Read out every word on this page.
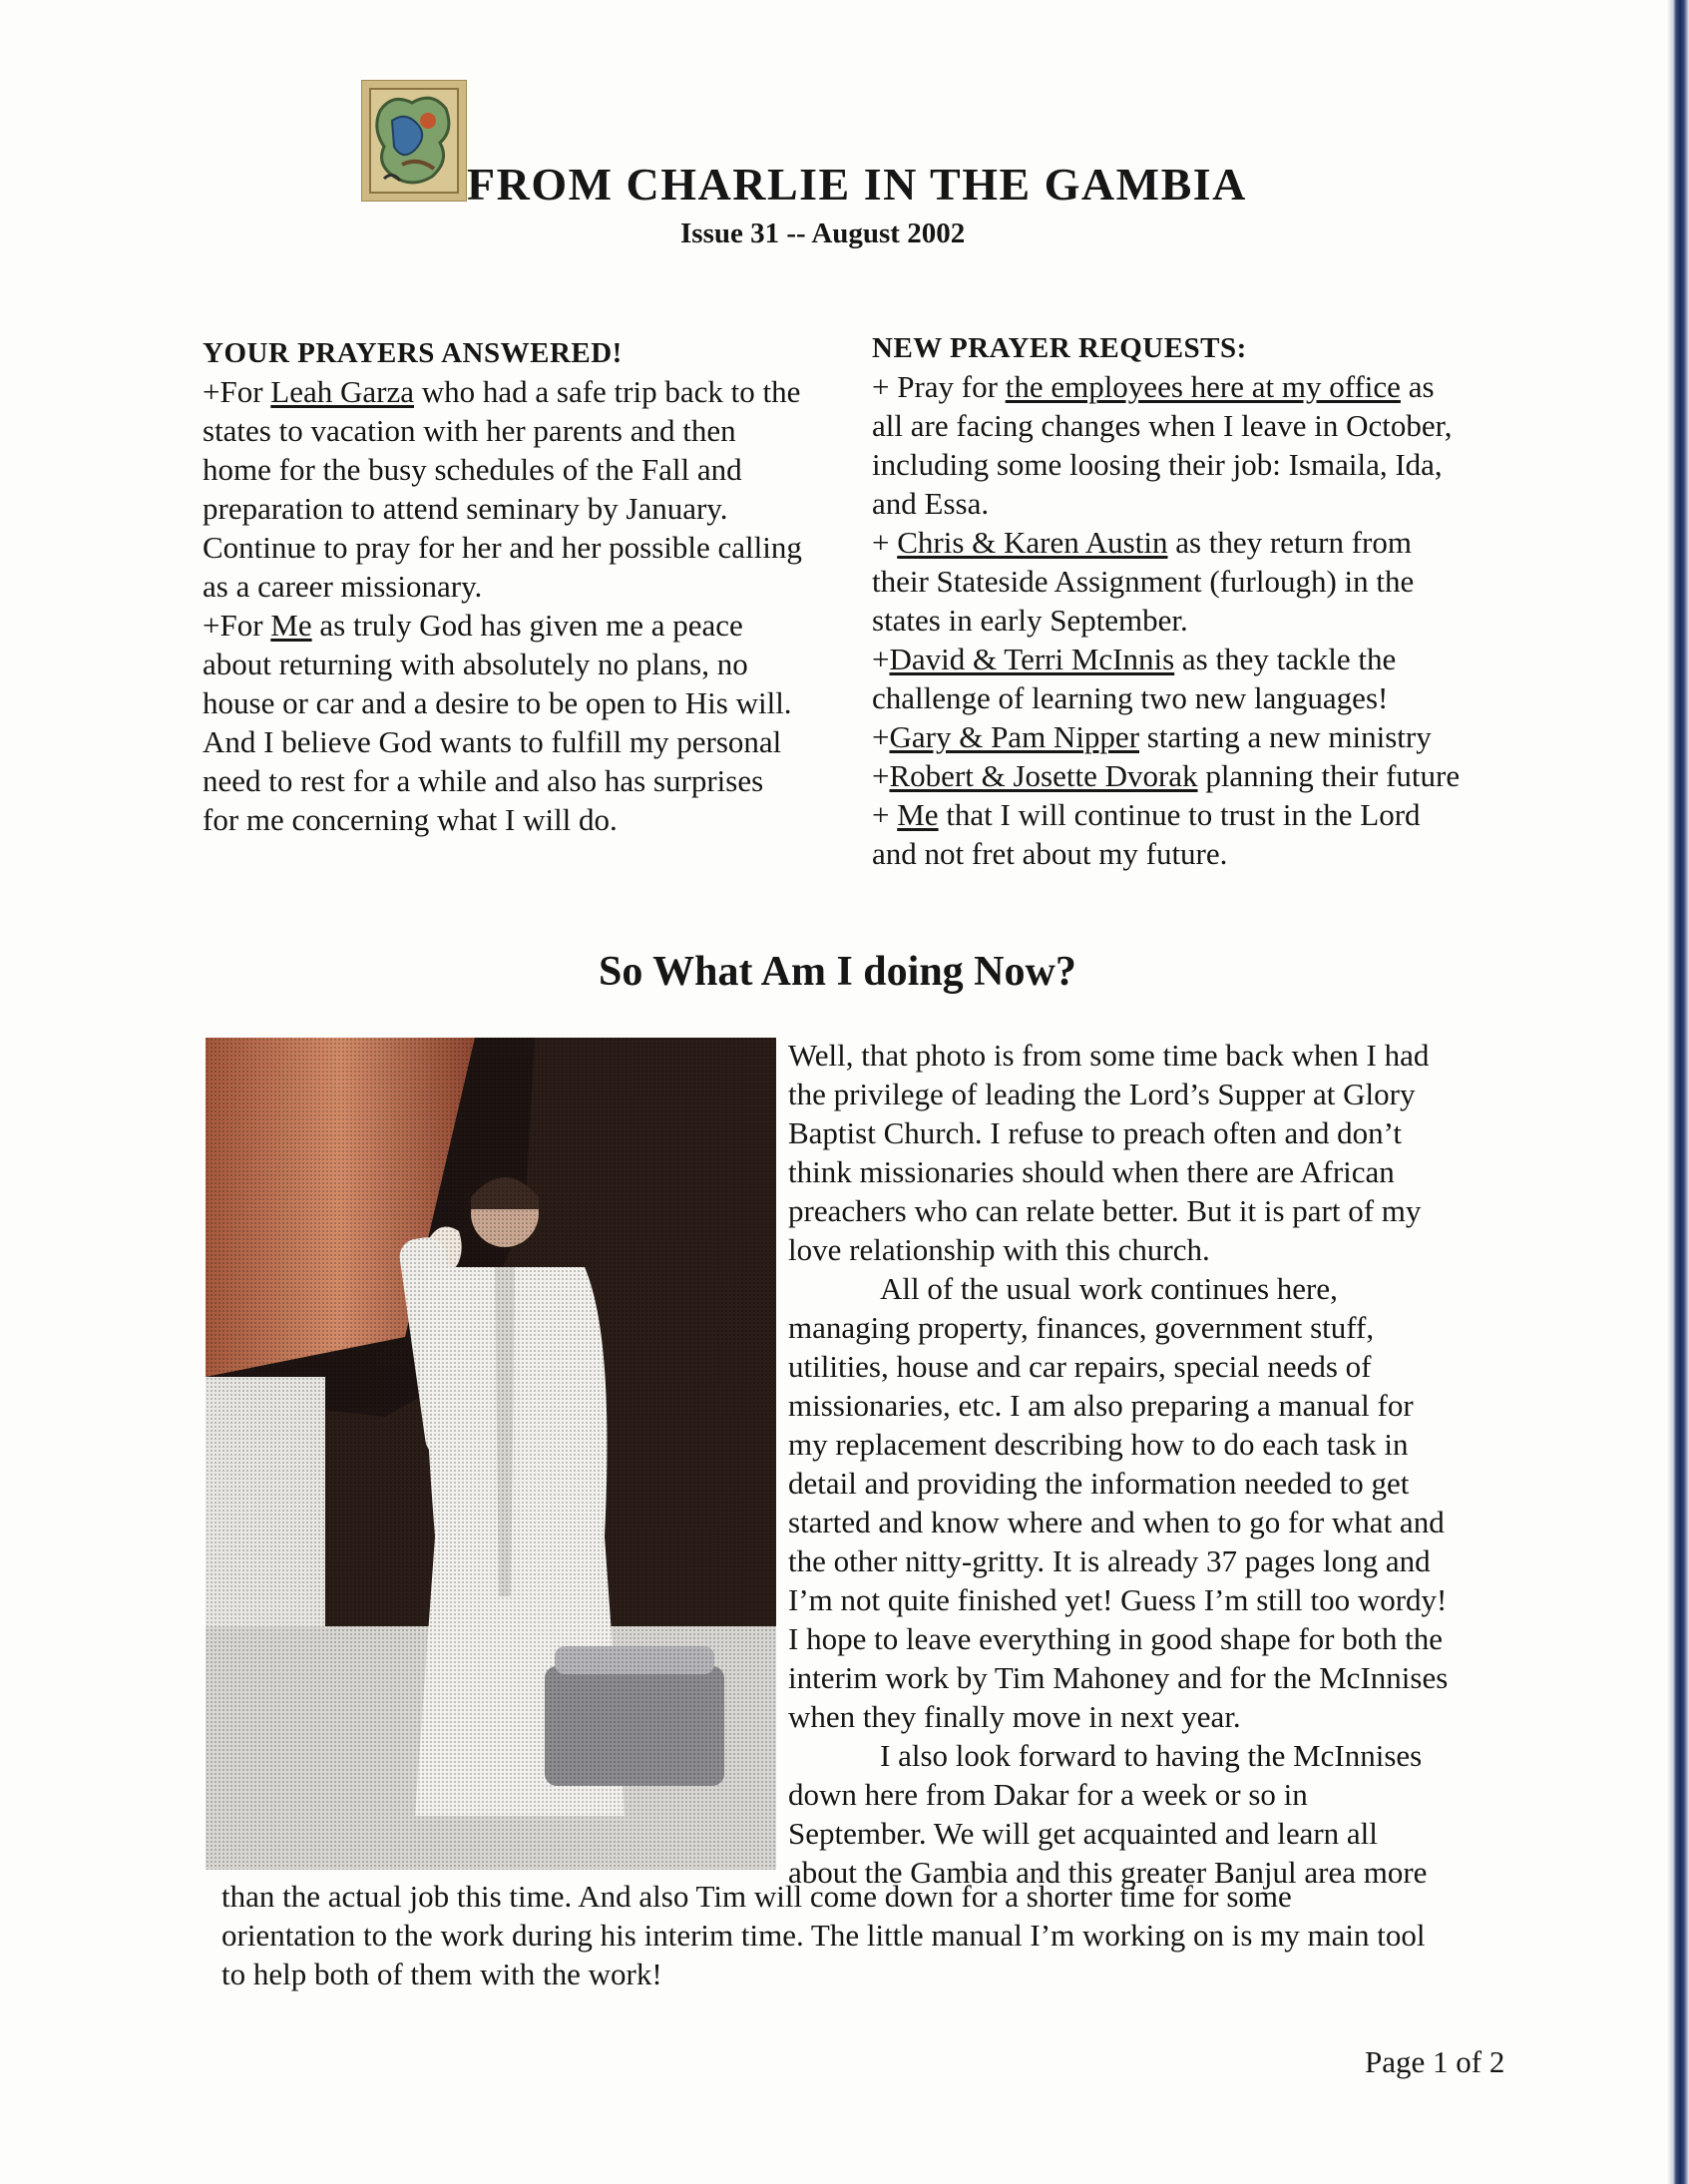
FROM CHARLIE IN THE GAMBIA
Issue 31 -- August 2002
YOUR PRAYERS ANSWERED!
+For Leah Garza who had a safe trip back to the
states to vacation with her parents and then
home for the busy schedules of the Fall and
preparation to attend seminary by January.
Continue to pray for her and her possible calling
as a career missionary.
+For Me as truly God has given me a peace
about returning with absolutely no plans, no
house or car and a desire to be open to His will.
And I believe God wants to fulfill my personal
need to rest for a while and also has surprises
for me concerning what I will do.
NEW PRAYER REQUESTS:
+ Pray for the employees here at my office as
all are facing changes when I leave in October,
including some loosing their job: Ismaila, Ida,
and Essa.
+ Chris & Karen Austin as they return from
their Stateside Assignment (furlough) in the
states in early September.
+David & Terri McInnis as they tackle the
challenge of learning two new languages!
+Gary & Pam Nipper starting a new ministry
+Robert & Josette Dvorak planning their future
+ Me that I will continue to trust in the Lord
and not fret about my future.
So What Am I doing Now?
Well, that photo is from some time back when I had
the privilege of leading the Lord’s Supper at Glory
Baptist Church. I refuse to preach often and don’t
think missionaries should when there are African
preachers who can relate better. But it is part of my
love relationship with this church.
All of the usual work continues here,
managing property, finances, government stuff,
utilities, house and car repairs, special needs of
missionaries, etc. I am also preparing a manual for
my replacement describing how to do each task in
detail and providing the information needed to get
started and know where and when to go for what and
the other nitty-gritty. It is already 37 pages long and
I’m not quite finished yet! Guess I’m still too wordy!
I hope to leave everything in good shape for both the
interim work by Tim Mahoney and for the McInnises
when they finally move in next year.
I also look forward to having the McInnises
down here from Dakar for a week or so in
September. We will get acquainted and learn all
about the Gambia and this greater Banjul area more
than the actual job this time. And also Tim will come down for a shorter time for some
orientation to the work during his interim time. The little manual I’m working on is my main tool
to help both of them with the work!
Page 1 of 2
